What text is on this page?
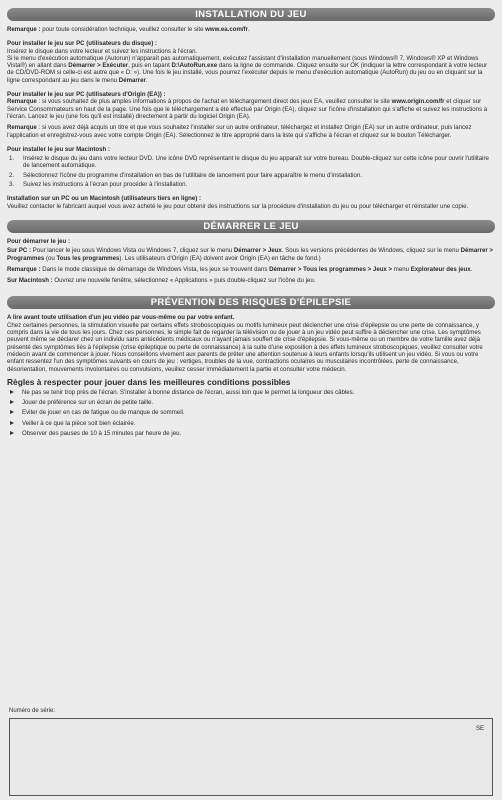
INSTALLATION DU JEU

Remarque : pour toute considération technique, veuillez consulter le site www.ea.com/fr.

Pour installer le jeu sur PC (utilisateurs du disque) :

Insérez le disque dans votre lecteur et suivez les instructions à l'écran.

Si le menu d'exécution automatique (Autorun) n'apparaît pas automatiquement, exécutez l'assistant d'installation manuellement (sous Windows® 7, Windows® XP et Windows Vista®) en allant dans Démarrer > Exécuter, puis en tapant D:\AutoRun.exe dans la ligne de commande. Cliquez ensuite sur OK (indiquer la lettre correspondant à votre lecteur de CD/DVD-ROM si celle-ci est autre que « D: »). Une fois le jeu installé, vous pourrez l'exécuter depuis le menu d'exécution automatique (AutoRun) du jeu ou en cliquant sur la ligne correspondant au jeu dans le menu Démarrer.

Pour installer le jeu sur PC (utilisateurs d'Origin (EA)) :

Remarque : si vous souhaitez de plus amples informations à propos de l'achat en téléchargement direct des jeux EA, veuillez consulter le site www.origin.com/fr et cliquer sur Service Consommateurs en haut de la page. Une fois que le téléchargement a été effectué par Origin (EA), cliquez sur l'icône d'installation qui s'affiche et suivez les instructions à l'écran. Lancez le jeu (une fois qu'il est installé) directement à partir du logiciel Origin (EA).

Remarque : si vous avez déjà acquis un titre et que vous souhaitez l'installer sur un autre ordinateur, téléchargez et installez Origin (EA) sur un autre ordinateur, puis lancez l'application et enregistrez-vous avec votre compte Origin (EA). Sélectionnez le titre approprié dans la liste qui s'affiche à l'écran et cliquez sur le bouton Télécharger.

Pour installer le jeu sur Macintosh :

1.	Insérez le disque du jeu dans votre lecteur DVD. Une icône DVD représentant le disque du jeu apparaît sur votre bureau. Double-cliquez sur cette icône pour ouvrir l'utilitaire de lancement automatique.
2.	Sélectionnez l'icône du programme d'installation en bas de l'utilitaire de lancement pour faire apparaître le menu d'installation.
3.	Suivez les instructions à l'écran pour procéder à l'installation.

Installation sur un PC ou un Macintosh (utilisateurs tiers en ligne) :

Veuillez contacter le fabricant auquel vous avez acheté le jeu pour obtenir des instructions sur la procédure d'installation du jeu ou pour télécharger et réinstaller une copie.

DÉMARRER LE JEU

Pour démarrer le jeu :

Sur PC : Pour lancer le jeu sous Windows Vista ou Windows 7, cliquez sur le menu Démarrer > Jeux. Sous les versions précédentes de Windows, cliquez sur le menu Démarrer > Programmes (ou Tous les programmes). Les utilisateurs d'Origin (EA) doivent avoir Origin (EA) en tâche de fond.)

Remarque : Dans le mode classique de démarrage de Windows Vista, les jeux se trouvent dans Démarrer > Tous les programmes > Jeux > menu Explorateur des jeux.

Sur Macintosh : Ouvrez une nouvelle fenêtre, sélectionnez « Applications » puis double-cliquez sur l'icône du jeu.

PRÉVENTION DES RISQUES D'ÉPILEPSIE

A lire avant toute utilisation d'un jeu vidéo par vous-même ou par votre enfant.

Chez certaines personnes, la stimulation visuelle par certains effets stroboscopiques ou motifs lumineux peut déclencher une crise d'épilepsie ou une perte de connaissance, y compris dans la vie de tous les jours. Chez ces personnes, le simple fait de regarder la télévision ou de jouer à un jeu vidéo peut suffire à déclencher une crise. Les symptômes peuvent même se déclarer chez un individu sans antécédents médicaux ou n'ayant jamais souffert de crise d'épilepsie. Si vous-même ou un membre de votre famille avez déjà présenté des symptômes liés à l'épilepsie (crise épileptique ou perte de connaissance) à la suite d'une exposition à des effets lumineux stroboscopiques, veuillez consulter votre médecin avant de commencer à jouer. Nous conseillons vivement aux parents de prêter une attention soutenue à leurs enfants lorsqu'ils utilisent un jeu vidéo. Si vous ou votre enfant ressentez l'un des symptômes suivants en cours de jeu : vertiges, troubles de la vue, contractions oculaires ou musculaires incontrôlées, perte de connaissance, désorientation, mouvements involontaires ou convulsions, veuillez cesser immédiatement la partie et consulter votre médecin.

Règles à respecter pour jouer dans les meilleures conditions possibles
Ne pas se tenir trop près de l'écran. S'installer à bonne distance de l'écran, aussi loin que le permet la longueur des câbles.
Jouer de préférence sur un écran de petite taille.
Eviter de jouer en cas de fatigue ou de manque de sommeil.
Veiller à ce que la pièce soit bien éclairée.
Observer des pauses de 10 à 15 minutes par heure de jeu.
Numéro de série:
SE
